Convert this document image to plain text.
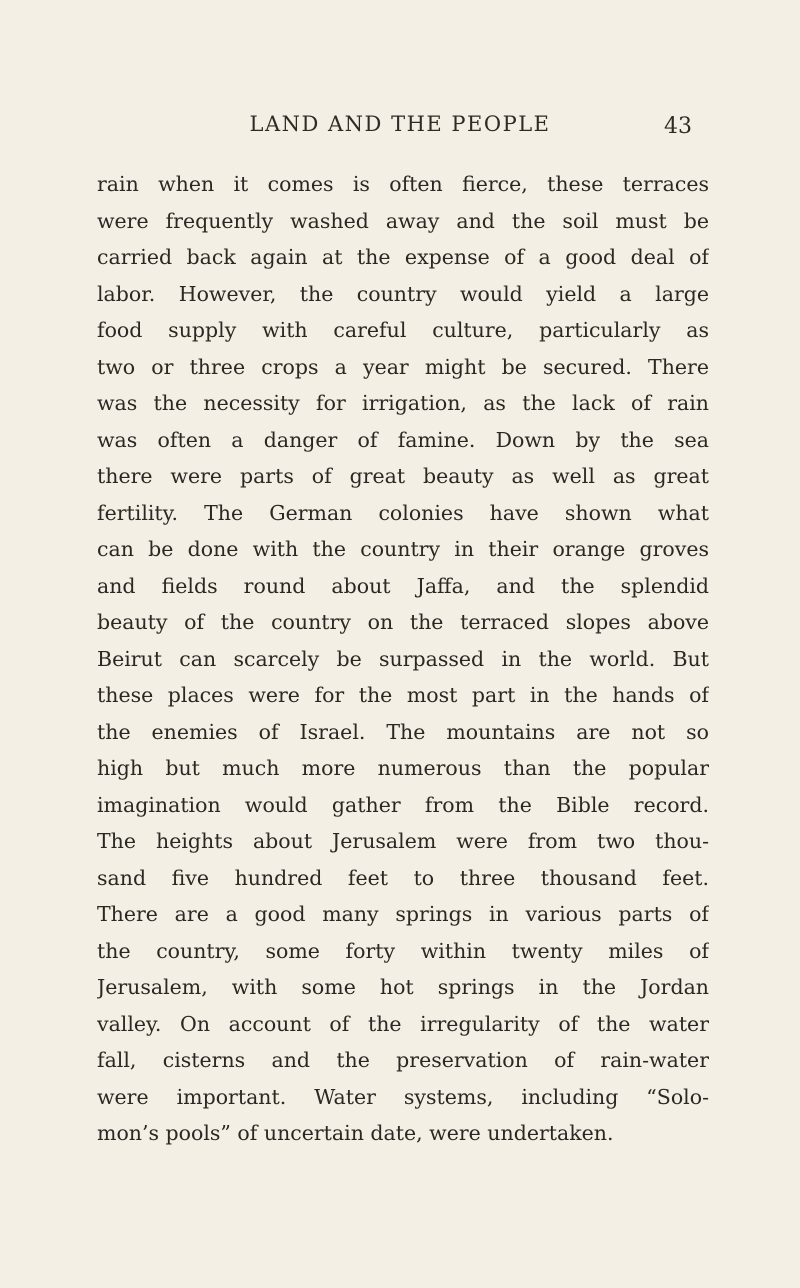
LAND AND THE PEOPLE	43
rain when it comes is often fierce, these terraces
were frequently washed away and the soil must be
carried back again at the expense of a good deal of
labor. However, the country would yield a large
food supply with careful culture, particularly as
two or three crops a year might be secured. There
was the necessity for irrigation, as the lack of rain
was often a danger of famine. Down by the sea
there were parts of great beauty as well as great
fertility. The German colonies have shown what
can be done with the country in their orange groves
and fields round about Jaffa, and the splendid
beauty of the country on the terraced slopes above
Beirut can scarcely be surpassed in the world. But
these places were for the most part in the hands of
the enemies of Israel. The mountains are not so
high but much more numerous than the popular
imagination would gather from the Bible record.
The heights about Jerusalem were from two thou-
sand five hundred feet to three thousand feet.
There are a good many springs in various parts of
the country, some forty within twenty miles of
Jerusalem, with some hot springs in the Jordan
valley. On account of the irregularity of the water
fall, cisterns and the preservation of rain-water
were important. Water systems, including “Solo-
mon’s pools” of uncertain date, were undertaken.
